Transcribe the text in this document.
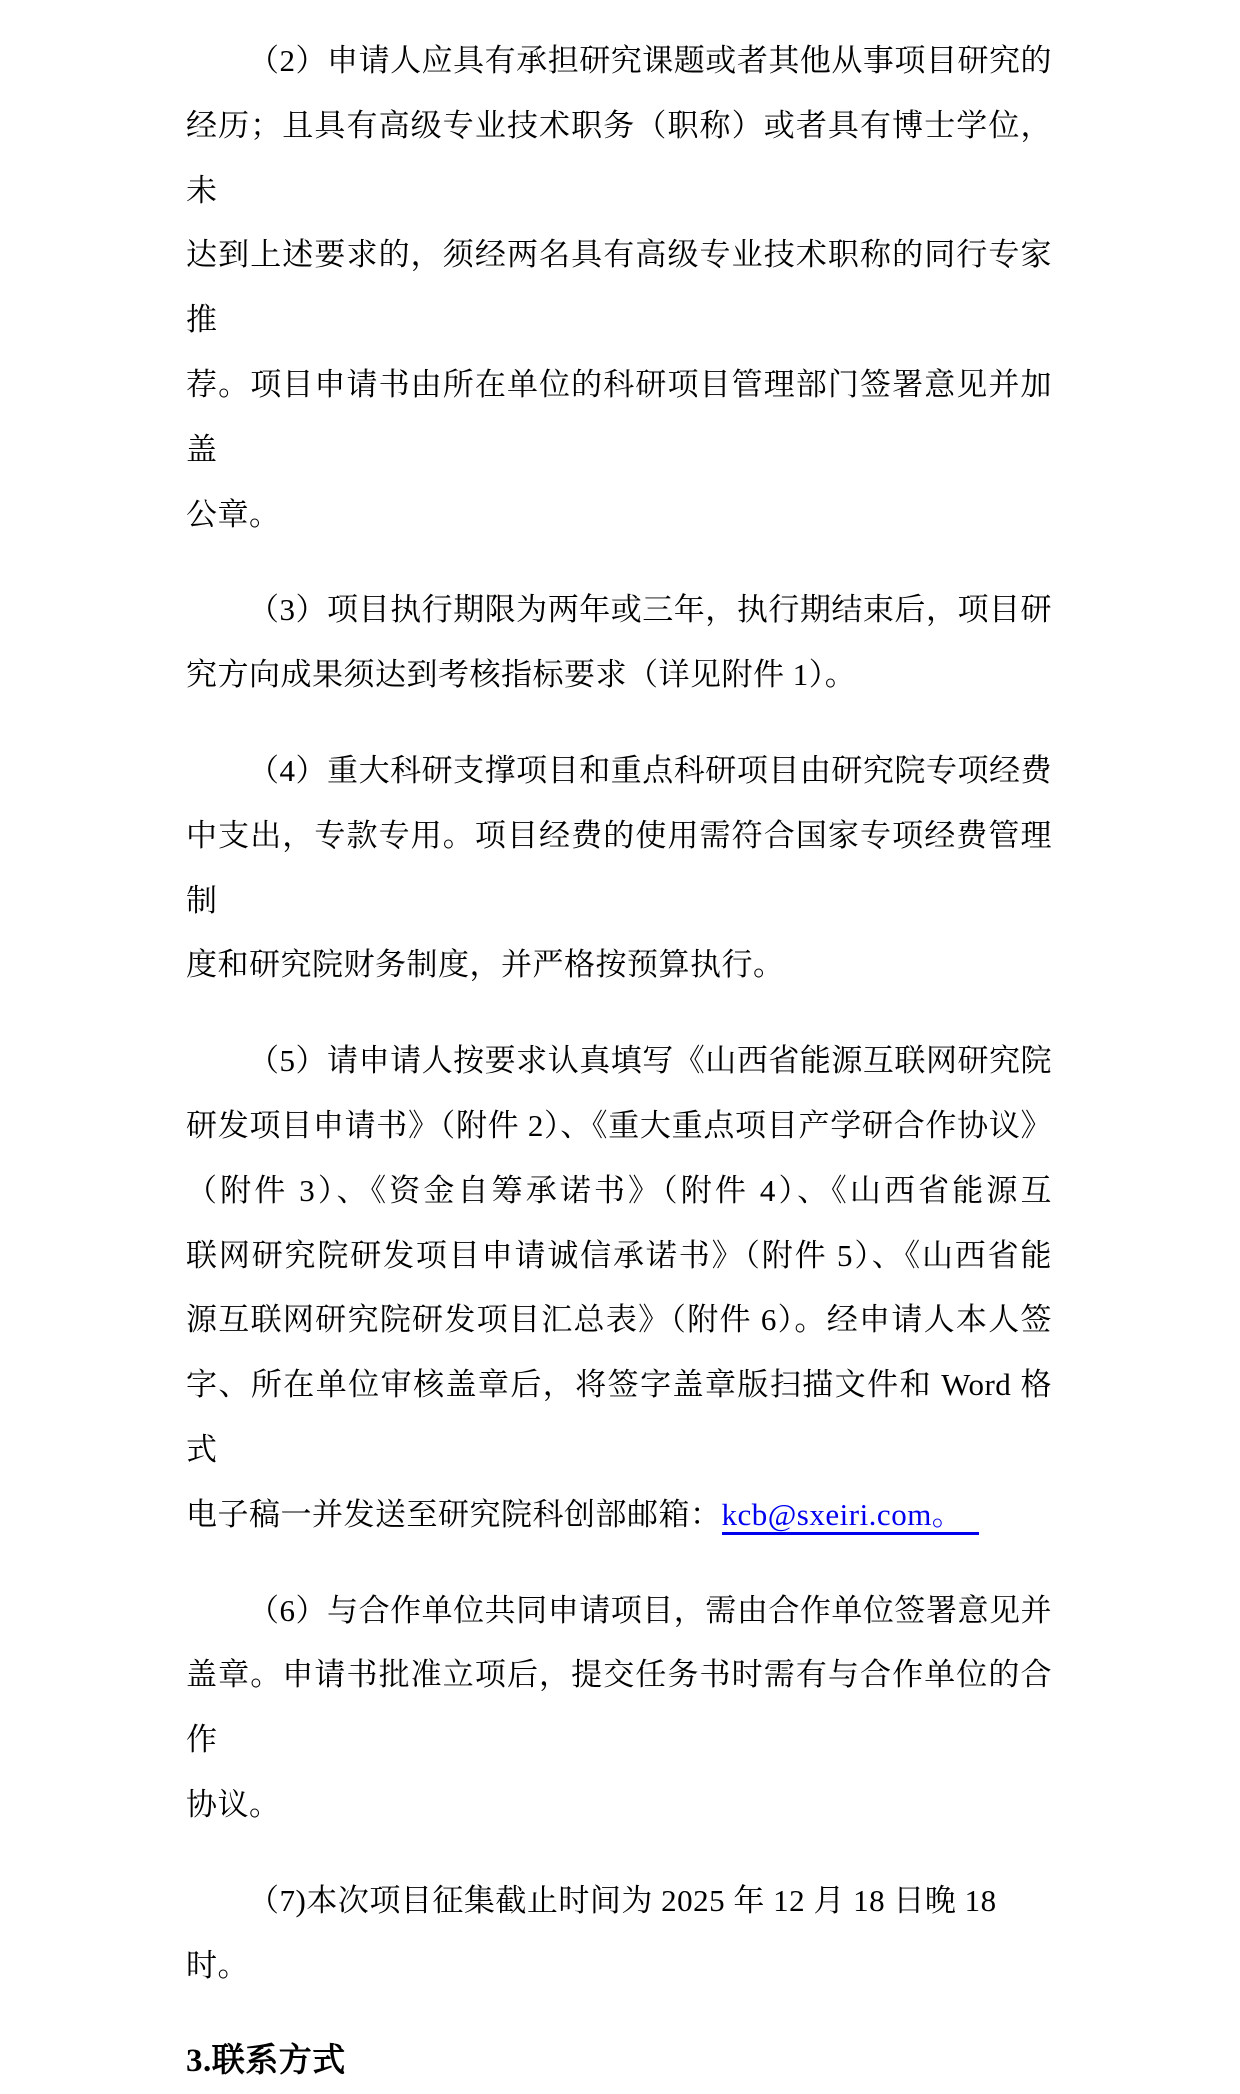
（2）申请人应具有承担研究课题或者其他从事项目研究的
经历；且具有高级专业技术职务（职称）或者具有博士学位，未
达到上述要求的，须经两名具有高级专业技术职称的同行专家推
荐。项目申请书由所在单位的科研项目管理部门签署意见并加盖
公章。

（3）项目执行期限为两年或三年，执行期结束后，项目研
究方向成果须达到考核指标要求（详见附件 1）。

（4）重大科研支撑项目和重点科研项目由研究院专项经费
中支出，专款专用。项目经费的使用需符合国家专项经费管理制
度和研究院财务制度，并严格按预算执行。

（5）请申请人按要求认真填写《山西省能源互联网研究院
研发项目申请书》（附件 2）、《重大重点项目产学研合作协议》
（附件 3）、《资金自筹承诺书》（附件 4）、《山西省能源互
联网研究院研发项目申请诚信承诺书》（附件 5）、《山西省能
源互联网研究院研发项目汇总表》（附件 6）。经申请人本人签
字、所在单位审核盖章后，将签字盖章版扫描文件和 Word 格式
电子稿一并发送至研究院科创部邮箱：kcb@sxeiri.com。

（6）与合作单位共同申请项目，需由合作单位签署意见并
盖章。申请书批准立项后，提交任务书时需有与合作单位的合作
协议。

（7)本次项目征集截止时间为 2025 年 12 月 18 日晚 18 时。

3.联系方式
